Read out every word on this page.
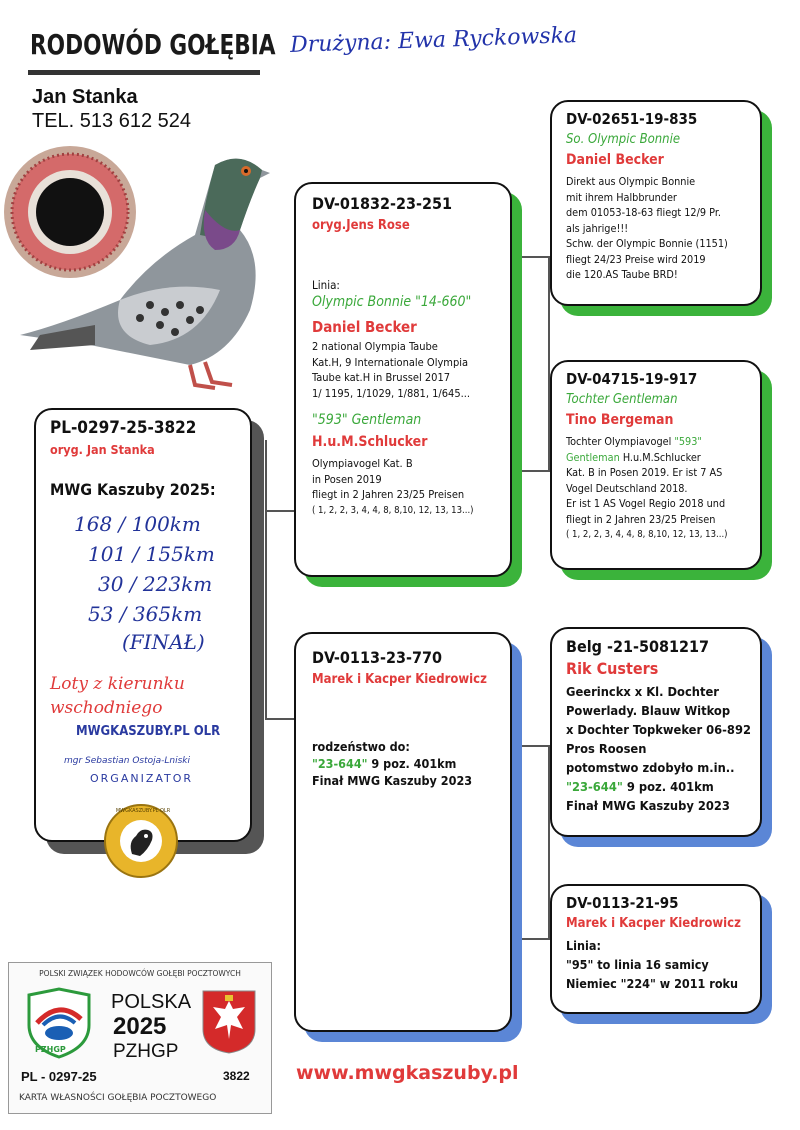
RODOWÓD GOŁĘBIA Drużyna: Ewa Ryckowska
Jan Stanka
TEL. 513 612 524
PL-0297-25-3822
oryg. Jan Stanka
MWG Kaszuby 2025:
168 / 100km
101 / 155km
30 / 223km
53 / 365km
(FINAŁ)
Loty z kierunku wschodniego
MWGKASZUBY.PL OLR
mgr Sebastian Ostoja-Lniski
ORGANIZATOR
MWGKASZUBY.PL OLR
DV-01832-23-251
oryg.Jens Rose
Linia:
Olympic Bonnie "14-660"
Daniel Becker
2 national Olympia Taube
Kat.H, 9 Internationale Olympia
Taube kat.H in Brussel 2017
1/ 1195, 1/1029, 1/881, 1/645...
"593" Gentleman
H.u.M.Schlucker
Olympiavogel Kat. B
in Posen 2019
fliegt in 2 Jahren 23/25 Preisen
( 1, 2, 2, 3, 4, 4, 8, 8,10, 12, 13, 13...)
DV-02651-19-835
So. Olympic Bonnie
Daniel Becker
Direkt aus Olympic Bonnie
mit ihrem Halbbrunder
dem 01053-18-63 fliegt 12/9 Pr.
als jahrige!!!
Schw. der Olympic Bonnie (1151)
fliegt 24/23 Preise wird 2019
die 120.AS Taube BRD!
DV-04715-19-917
Tochter Gentleman
Tino Bergeman
Tochter Olympiavogel "593"
Gentleman H.u.M.Schlucker
Kat. B in Posen 2019. Er ist 7 AS
Vogel Deutschland 2018.
Er ist 1 AS Vogel Regio 2018 und
fliegt in 2 Jahren 23/25 Preisen
( 1, 2, 2, 3, 4, 4, 8, 8,10, 12, 13, 13...)
DV-0113-23-770
Marek i Kacper Kiedrowicz
rodzeństwo do:
"23-644" 9 poz. 401km
Finał MWG Kaszuby 2023
Belg -21-5081217
Rik Custers
Geerinckx x Kl. Dochter
Powerlady. Blauw Witkop
x Dochter Topkweker 06-892
Pros Roosen
potomstwo zdobyło m.in..
"23-644" 9 poz. 401km
Finał MWG Kaszuby 2023
DV-0113-21-95
Marek i Kacper Kiedrowicz
Linia:
"95" to linia 16 samicy
Niemiec "224" w 2011 roku
POLSKI ZWIĄZEK HODOWCÓW GOŁĘBI POCZTOWYCH
PZHGP
POLSKA
2025
PZHGP
PL - 0297-25	3822
KARTA WŁASNOŚCI GOŁĘBIA POCZTOWEGO
www.mwgkaszuby.pl
